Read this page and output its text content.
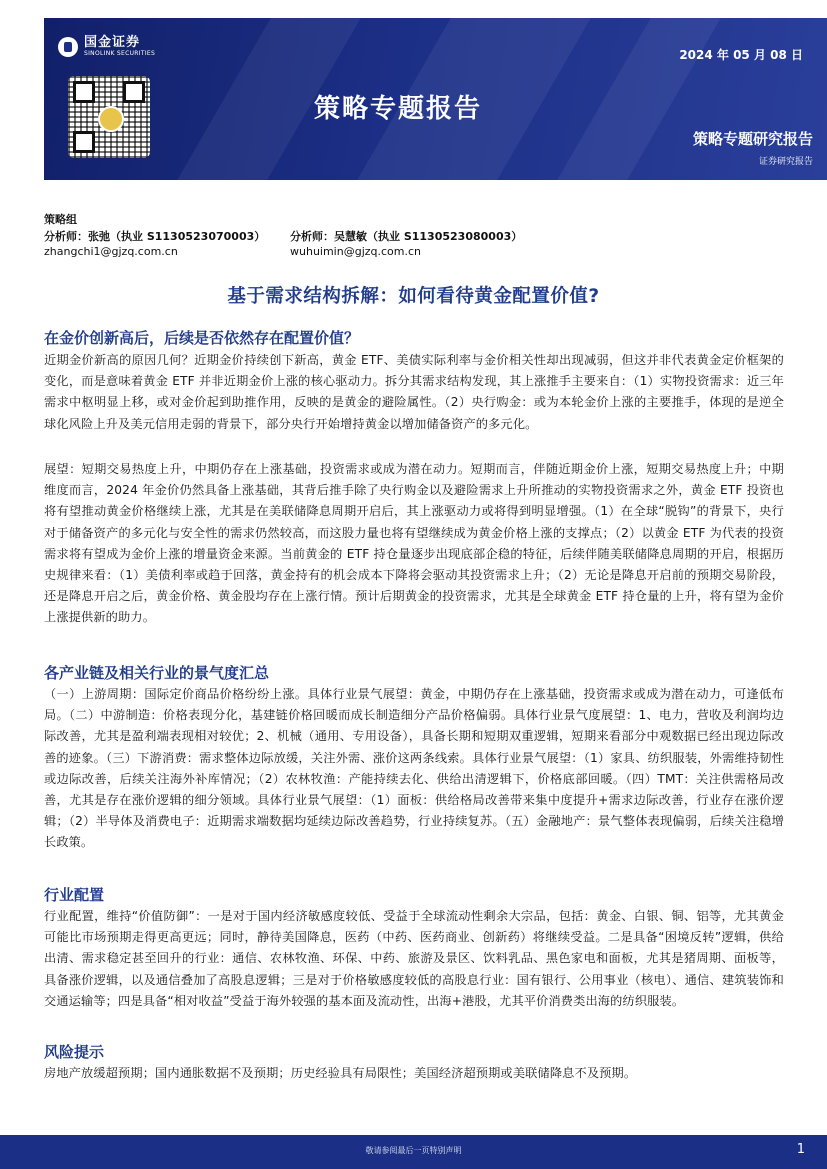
国金证券
SINOLINK SECURITIES	2024 年 05 月 08 日
策略专题报告
策略专题研究报告
证券研究报告
策略组
分析师：张弛（执业 S1130523070003）
zhangchi1@gjzq.com.cn
分析师：吴慧敏（执业 S1130523080003）
wuhuimin@gjzq.com.cn
基于需求结构拆解：如何看待黄金配置价值?
在金价创新高后，后续是否依然存在配置价值？
近期金价新高的原因几何？近期金价持续创下新高，黄金 ETF、美债实际利率与金价相关性却出现减弱，但这并非代表黄金定价框架的变化，而是意味着黄金 ETF 并非近期金价上涨的核心驱动力。拆分其需求结构发现，其上涨推手主要来自：（1）实物投资需求：近三年需求中枢明显上移，或对金价起到助推作用，反映的是黄金的避险属性。（2）央行购金：或为本轮金价上涨的主要推手，体现的是逆全球化风险上升及美元信用走弱的背景下，部分央行开始增持黄金以增加储备资产的多元化。
展望：短期交易热度上升，中期仍存在上涨基础，投资需求或成为潜在动力。短期而言，伴随近期金价上涨，短期交易热度上升；中期维度而言，2024 年金价仍然具备上涨基础，其背后推手除了央行购金以及避险需求上升所推动的实物投资需求之外，黄金 ETF 投资也将有望推动黄金价格继续上涨，尤其是在美联储降息周期开启后，其上涨驱动力或将得到明显增强。（1）在全球“脱钩”的背景下，央行对于储备资产的多元化与安全性的需求仍然较高，而这股力量也将有望继续成为黄金价格上涨的支撑点；（2）以黄金 ETF 为代表的投资需求将有望成为金价上涨的增量资金来源。当前黄金的 ETF 持仓量逐步出现底部企稳的特征，后续伴随美联储降息周期的开启，根据历史规律来看：（1）美债利率或趋于回落，黄金持有的机会成本下降将会驱动其投资需求上升；（2）无论是降息开启前的预期交易阶段，还是降息开启之后，黄金价格、黄金股均存在上涨行情。预计后期黄金的投资需求，尤其是全球黄金 ETF 持仓量的上升，将有望为金价上涨提供新的助力。
各产业链及相关行业的景气度汇总
（一）上游周期：国际定价商品价格纷纷上涨。具体行业景气展望：黄金，中期仍存在上涨基础，投资需求或成为潜在动力，可逢低布局。（二）中游制造：价格表现分化，基建链价格回暖而成长制造细分产品价格偏弱。具体行业景气度展望：1、电力，营收及利润均边际改善，尤其是盈利端表现相对较优；2、机械（通用、专用设备），具备长期和短期双重逻辑，短期来看部分中观数据已经出现边际改善的迹象。（三）下游消费：需求整体边际放缓，关注外需、涨价这两条线索。具体行业景气展望：（1）家具、纺织服装，外需维持韧性或边际改善，后续关注海外补库情况；（2）农林牧渔：产能持续去化、供给出清逻辑下，价格底部回暖。（四）TMT：关注供需格局改善，尤其是存在涨价逻辑的细分领域。具体行业景气展望：（1）面板：供给格局改善带来集中度提升+需求边际改善，行业存在涨价逻辑；（2）半导体及消费电子：近期需求端数据均延续边际改善趋势，行业持续复苏。（五）金融地产：景气整体表现偏弱，后续关注稳增长政策。
行业配置
行业配置，维持“价值防御”：一是对于国内经济敏感度较低、受益于全球流动性剩余大宗品，包括：黄金、白银、铜、铝等，尤其黄金可能比市场预期走得更高更远；同时，静待美国降息，医药（中药、医药商业、创新药）将继续受益。二是具备“困境反转”逻辑，供给出清、需求稳定甚至回升的行业：通信、农林牧渔、环保、中药、旅游及景区、饮料乳品、黑色家电和面板，尤其是猪周期、面板等，具备涨价逻辑，以及通信叠加了高股息逻辑；三是对于价格敏感度较低的高股息行业：国有银行、公用事业（核电）、通信、建筑装饰和交通运输等；四是具备“相对收益”受益于海外较强的基本面及流动性，出海+港股，尤其平价消费类出海的纺织服装。
风险提示
房地产放缓超预期；国内通胀数据不及预期；历史经验具有局限性；美国经济超预期或美联储降息不及预期。
敬请参阅最后一页特别声明	1
